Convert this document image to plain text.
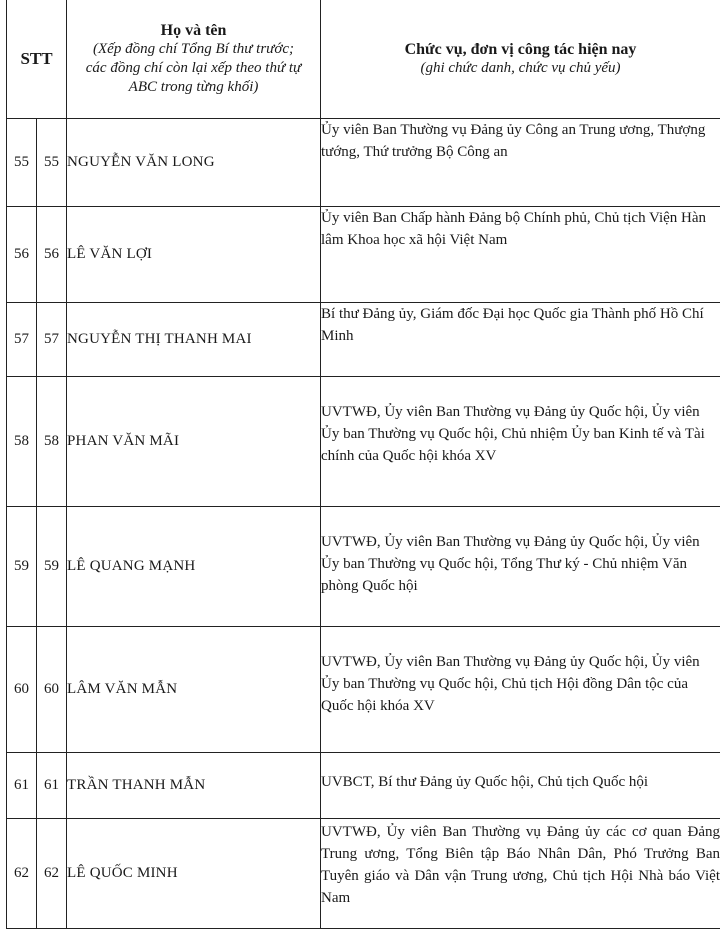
STT		Họ và tên
(Xếp đồng chí Tổng Bí thư trước;
các đồng chí còn lại xếp theo thứ tự
ABC trong từng khối)	Chức vụ, đơn vị công tác hiện nay
(ghi chức danh, chức vụ chủ yếu)

55	55	NGUYỄN VĂN LONG	Ủy viên Ban Thường vụ Đảng ủy Công an Trung ương, Thượng tướng, Thứ trưởng Bộ Công an
56	56	LÊ VĂN LỢI	Ủy viên Ban Chấp hành Đảng bộ Chính phủ, Chủ tịch Viện Hàn lâm Khoa học xã hội Việt Nam
57	57	NGUYỄN THỊ THANH MAI	Bí thư Đảng ủy, Giám đốc Đại học Quốc gia Thành phố Hồ Chí Minh
58	58	PHAN VĂN MÃI	UVTWĐ, Ủy viên Ban Thường vụ Đảng ủy Quốc hội, Ủy viên Ủy ban Thường vụ Quốc hội, Chủ nhiệm Ủy ban Kinh tế và Tài chính của Quốc hội khóa XV
59	59	LÊ QUANG MẠNH	UVTWĐ, Ủy viên Ban Thường vụ Đảng ủy Quốc hội, Ủy viên Ủy ban Thường vụ Quốc hội, Tổng Thư ký - Chủ nhiệm Văn phòng Quốc hội
60	60	LÂM VĂN MẪN	UVTWĐ, Ủy viên Ban Thường vụ Đảng ủy Quốc hội, Ủy viên Ủy ban Thường vụ Quốc hội, Chủ tịch Hội đồng Dân tộc của Quốc hội khóa XV
61	61	TRẦN THANH MẪN	UVBCT, Bí thư Đảng ủy Quốc hội, Chủ tịch Quốc hội
62	62	LÊ QUỐC MINH	UVTWĐ, Ủy viên Ban Thường vụ Đảng ủy các cơ quan Đảng Trung ương, Tổng Biên tập Báo Nhân Dân, Phó Trưởng Ban Tuyên giáo và Dân vận Trung ương, Chủ tịch Hội Nhà báo Việt Nam
